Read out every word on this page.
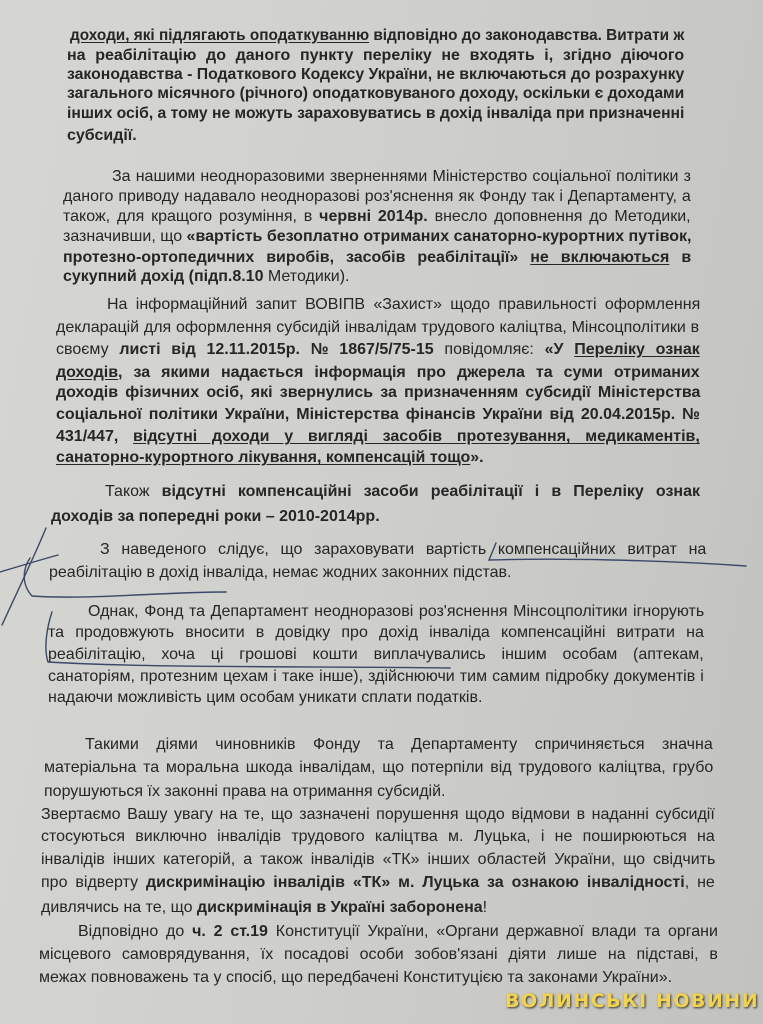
доходи, які підлягають оподаткуванню відповідно до законодавства. Витрати ж
на реабілітацію до даного пункту переліку не входять і, згідно діючого
законодавства - Податкового Кодексу України, не включаються до розрахунку
загального місячного (річного) оподатковуваного доходу, оскільки є доходами
інших осіб, а тому не можуть зараховуватись в дохід інваліда при призначенні
субсидії.
За нашими неодноразовими зверненнями Міністерство соціальної політики з
даного приводу надавало неодноразові роз'яснення як Фонду так і Департаменту, а
також, для кращого розуміння, в червні 2014р. внесло доповнення до Методики,
зазначивши, що «вартість безоплатно отриманих санаторно-курортних путівок,
протезно-ортопедичних виробів, засобів реабілітації» не включаються в
сукупний дохід (підп.8.10 Методики).
На інформаційний запит ВОВІПВ «Захист» щодо правильності оформлення
декларацій для оформлення субсидій інвалідам трудового каліцтва, Мінсоцполітики в
своєму листі від 12.11.2015р. № 1867/5/75-15 повідомляє: «У Переліку ознак
доходів, за якими надається інформація про джерела та суми отриманих
доходів фізичних осіб, які звернулись за призначенням субсидії Міністерства
соціальної політики України, Міністерства фінансів України від 20.04.2015р. №
431/447, відсутні доходи у вигляді засобів протезування, медикаментів,
санаторно-курортного лікування, компенсацій тощо».
Також відсутні компенсаційні засоби реабілітації і в Переліку ознак
доходів за попередні роки – 2010-2014рр.
З наведеного слідує, що зараховувати вартість компенсаційних витрат на
реабілітацію в дохід інваліда, немає жодних законних підстав.
Однак, Фонд та Департамент неодноразові роз'яснення Мінсоцполітики ігнорують
та продовжують вносити в довідку про дохід інваліда компенсаційні витрати на
реабілітацію, хоча ці грошові кошти виплачувались іншим особам (аптекам,
санаторіям, протезним цехам і таке інше), здійснюючи тим самим підробку документів і
надаючи можливість цим особам уникати сплати податків.
Такими діями чиновників Фонду та Департаменту спричиняється значна
матеріальна та моральна шкода інвалідам, що потерпіли від трудового каліцтва, грубо
порушуються їх законні права на отримання субсидій.
Звертаємо Вашу увагу на те, що зазначені порушення щодо відмови в наданні субсидії
стосуються виключно інвалідів трудового каліцтва м. Луцька, і не поширюються на
інвалідів інших категорій, а також інвалідів «ТК» інших областей України, що свідчить
про відверту дискримінацію інвалідів «ТК» м. Луцька за ознакою інвалідності, не
дивлячись на те, що дискримінація в Україні заборонена!
Відповідно до ч. 2 ст.19 Конституції України, «Органи державної влади та органи
місцевого самоврядування, їх посадові особи зобов'язані діяти лише на підставі, в
межах повноважень та у спосіб, що передбачені Конституцією та законами України».
ВОЛИНСЬКІ НОВИНИ
